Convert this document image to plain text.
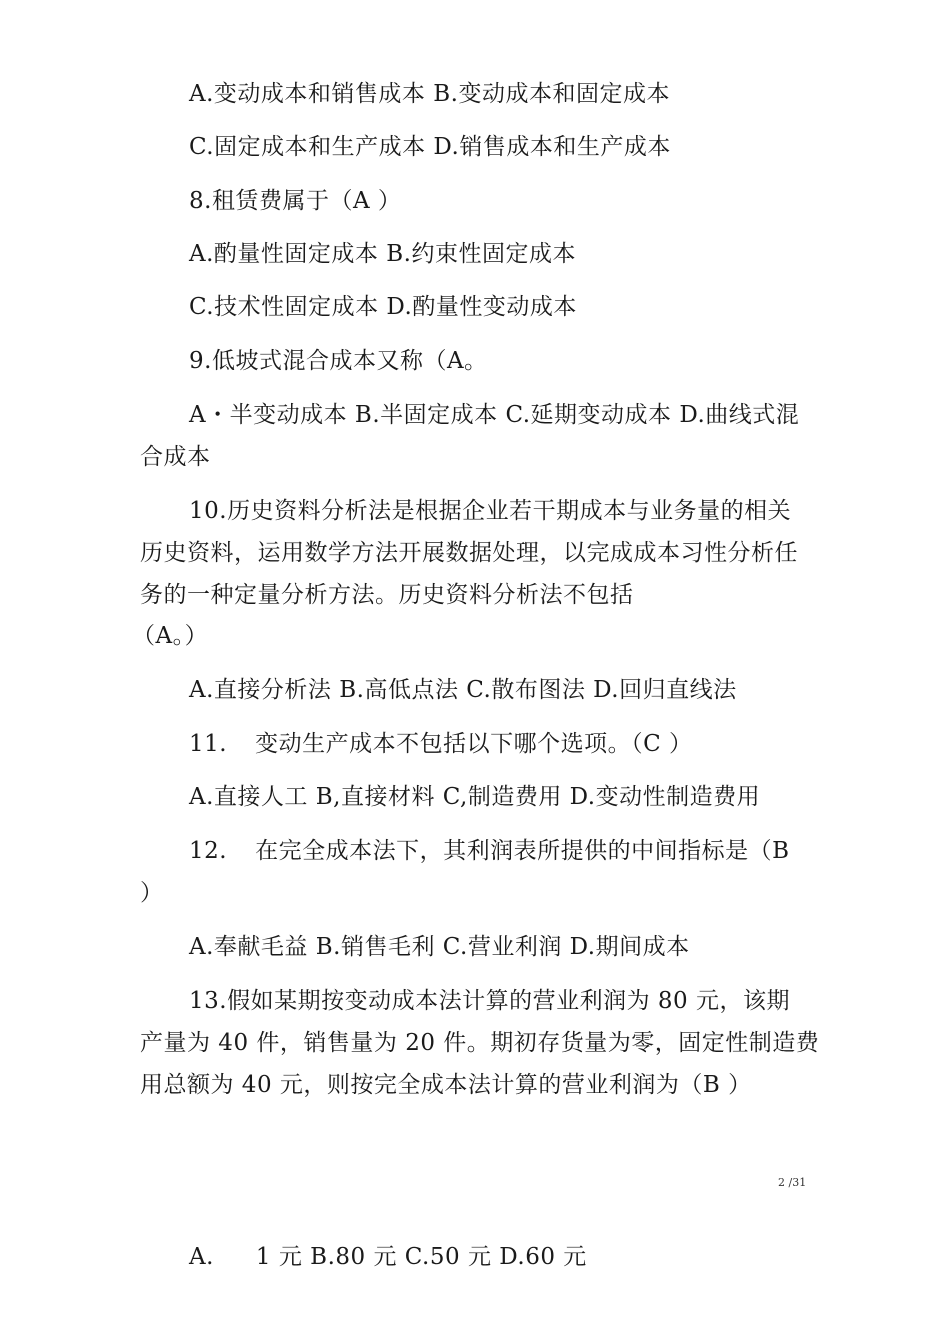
A.变动成本和销售成本 B.变动成本和固定成本
C.固定成本和生产成本 D.销售成本和生产成本
8.租赁费属于（A ）
A.酌量性固定成本 B.约束性固定成本
C.技术性固定成本 D.酌量性变动成本
9.低坡式混合成本又称（A。
A・半变动成本 B.半固定成本 C.延期变动成本 D.曲线式混
合成本
10.历史资料分析法是根据企业若干期成本与业务量的相关
历史资料，运用数学方法开展数据处理，以完成成本习性分析任
务的一种定量分析方法。历史资料分析法不包括
（A。）
A.直接分析法 B.高低点法 C.散布图法 D.回归直线法
11. 变动生产成本不包括以下哪个选项。（C ）
A.直接人工 B,直接材料 C,制造费用 D.变动性制造费用
12. 在完全成本法下，其利润表所提供的中间指标是（B
）
A.奉献毛益 B.销售毛利 C.营业利润 D.期间成本
13.假如某期按变动成本法计算的营业利润为 80 元，该期
产量为 40 件，销售量为 20 件。期初存货量为零，固定性制造费
用总额为 40 元，则按完全成本法计算的营业利润为（B ）
2 /31
A. 1 元 B.80 元 C.50 元 D.60 元
